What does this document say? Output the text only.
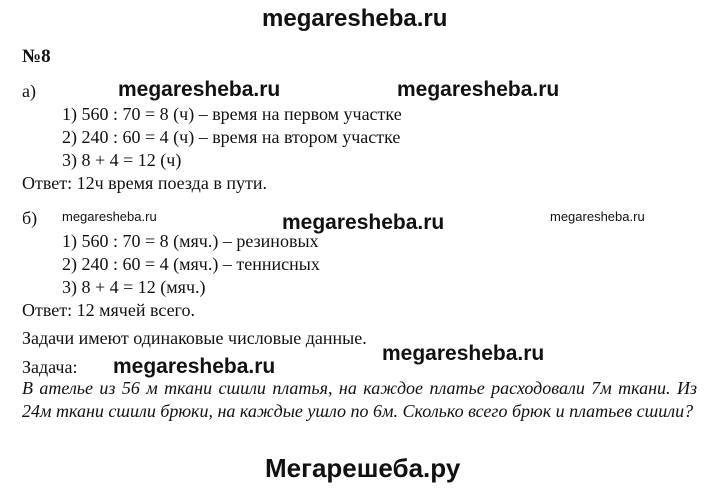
megaresheba.ru
№8
а)	megaresheba.ru	megaresheba.ru
1) 560 : 70 = 8 (ч) – время на первом участке
2) 240 : 60 = 4 (ч) – время на втором участке
3) 8 + 4 = 12 (ч)
Ответ: 12ч время поезда в пути.
б) megaresheba.ru	megaresheba.ru	megaresheba.ru
1) 560 : 70 = 8 (мяч.) – резиновых
2) 240 : 60 = 4 (мяч.) – теннисных
3) 8 + 4 = 12 (мяч.)
Ответ: 12 мячей всего.
Задачи имеют одинаковые числовые данные.
Задача: megaresheba.ru
megaresheba.ru
В ателье из 56 м ткани сшили платья, на каждое платье расходовали 7м ткани. Из 24м ткани сшили брюки, на каждые ушло по 6м. Сколько всего брюк и платьев сшили?
Мегарешеба.ру
